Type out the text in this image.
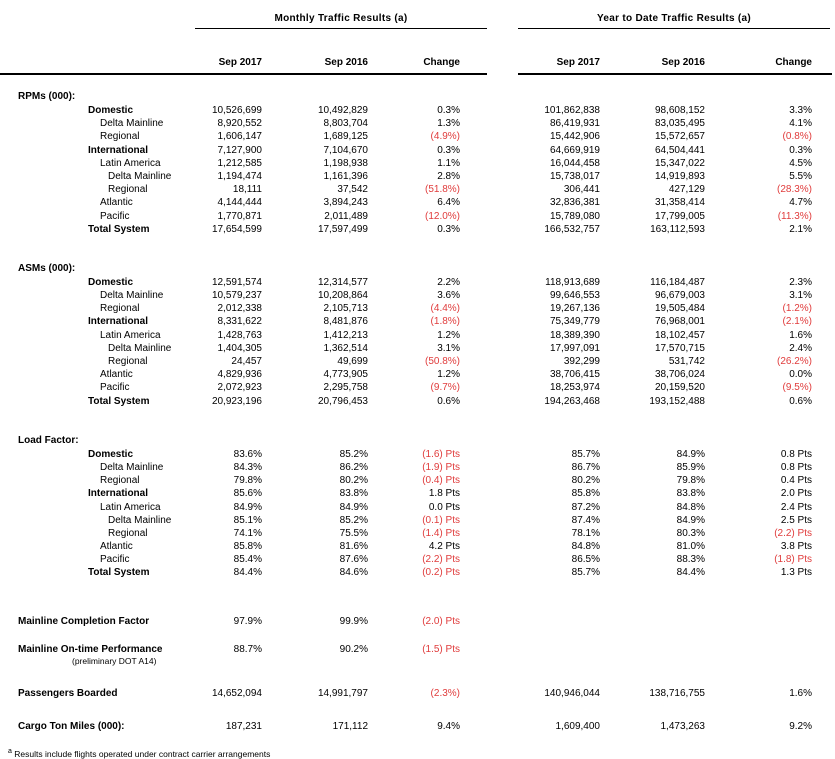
Monthly Traffic Results (a)	Year to Date Traffic Results (a)
Sep 2017	Sep 2016	Change	Sep 2017	Sep 2016	Change
RPMs (000):
Domestic	10,526,699	10,492,829	0.3%	101,862,838	98,608,152	3.3%
Delta Mainline	8,920,552	8,803,704	1.3%	86,419,931	83,035,495	4.1%
Regional	1,606,147	1,689,125	(4.9%)	15,442,906	15,572,657	(0.8%)
International	7,127,900	7,104,670	0.3%	64,669,919	64,504,441	0.3%
Latin America	1,212,585	1,198,938	1.1%	16,044,458	15,347,022	4.5%
Delta Mainline	1,194,474	1,161,396	2.8%	15,738,017	14,919,893	5.5%
Regional	18,111	37,542	(51.8%)	306,441	427,129	(28.3%)
Atlantic	4,144,444	3,894,243	6.4%	32,836,381	31,358,414	4.7%
Pacific	1,770,871	2,011,489	(12.0%)	15,789,080	17,799,005	(11.3%)
Total System	17,654,599	17,597,499	0.3%	166,532,757	163,112,593	2.1%
ASMs (000):
Domestic	12,591,574	12,314,577	2.2%	118,913,689	116,184,487	2.3%
Delta Mainline	10,579,237	10,208,864	3.6%	99,646,553	96,679,003	3.1%
Regional	2,012,338	2,105,713	(4.4%)	19,267,136	19,505,484	(1.2%)
International	8,331,622	8,481,876	(1.8%)	75,349,779	76,968,001	(2.1%)
Latin America	1,428,763	1,412,213	1.2%	18,389,390	18,102,457	1.6%
Delta Mainline	1,404,305	1,362,514	3.1%	17,997,091	17,570,715	2.4%
Regional	24,457	49,699	(50.8%)	392,299	531,742	(26.2%)
Atlantic	4,829,936	4,773,905	1.2%	38,706,415	38,706,024	0.0%
Pacific	2,072,923	2,295,758	(9.7%)	18,253,974	20,159,520	(9.5%)
Total System	20,923,196	20,796,453	0.6%	194,263,468	193,152,488	0.6%
Load Factor:
Domestic	83.6%	85.2%	(1.6) Pts	85.7%	84.9%	0.8 Pts
Delta Mainline	84.3%	86.2%	(1.9) Pts	86.7%	85.9%	0.8 Pts
Regional	79.8%	80.2%	(0.4) Pts	80.2%	79.8%	0.4 Pts
International	85.6%	83.8%	1.8 Pts	85.8%	83.8%	2.0 Pts
Latin America	84.9%	84.9%	0.0 Pts	87.2%	84.8%	2.4 Pts
Delta Mainline	85.1%	85.2%	(0.1) Pts	87.4%	84.9%	2.5 Pts
Regional	74.1%	75.5%	(1.4) Pts	78.1%	80.3%	(2.2) Pts
Atlantic	85.8%	81.6%	4.2 Pts	84.8%	81.0%	3.8 Pts
Pacific	85.4%	87.6%	(2.2) Pts	86.5%	88.3%	(1.8) Pts
Total System	84.4%	84.6%	(0.2) Pts	85.7%	84.4%	1.3 Pts
Mainline Completion Factor	97.9%	99.9%	(2.0) Pts
Mainline On-time Performance	88.7%	90.2%	(1.5) Pts
(preliminary DOT A14)
Passengers Boarded	14,652,094	14,991,797	(2.3%)	140,946,044	138,716,755	1.6%
Cargo Ton Miles (000):	187,231	171,112	9.4%	1,609,400	1,473,263	9.2%
$^a$ Results include flights operated under contract carrier arrangements
